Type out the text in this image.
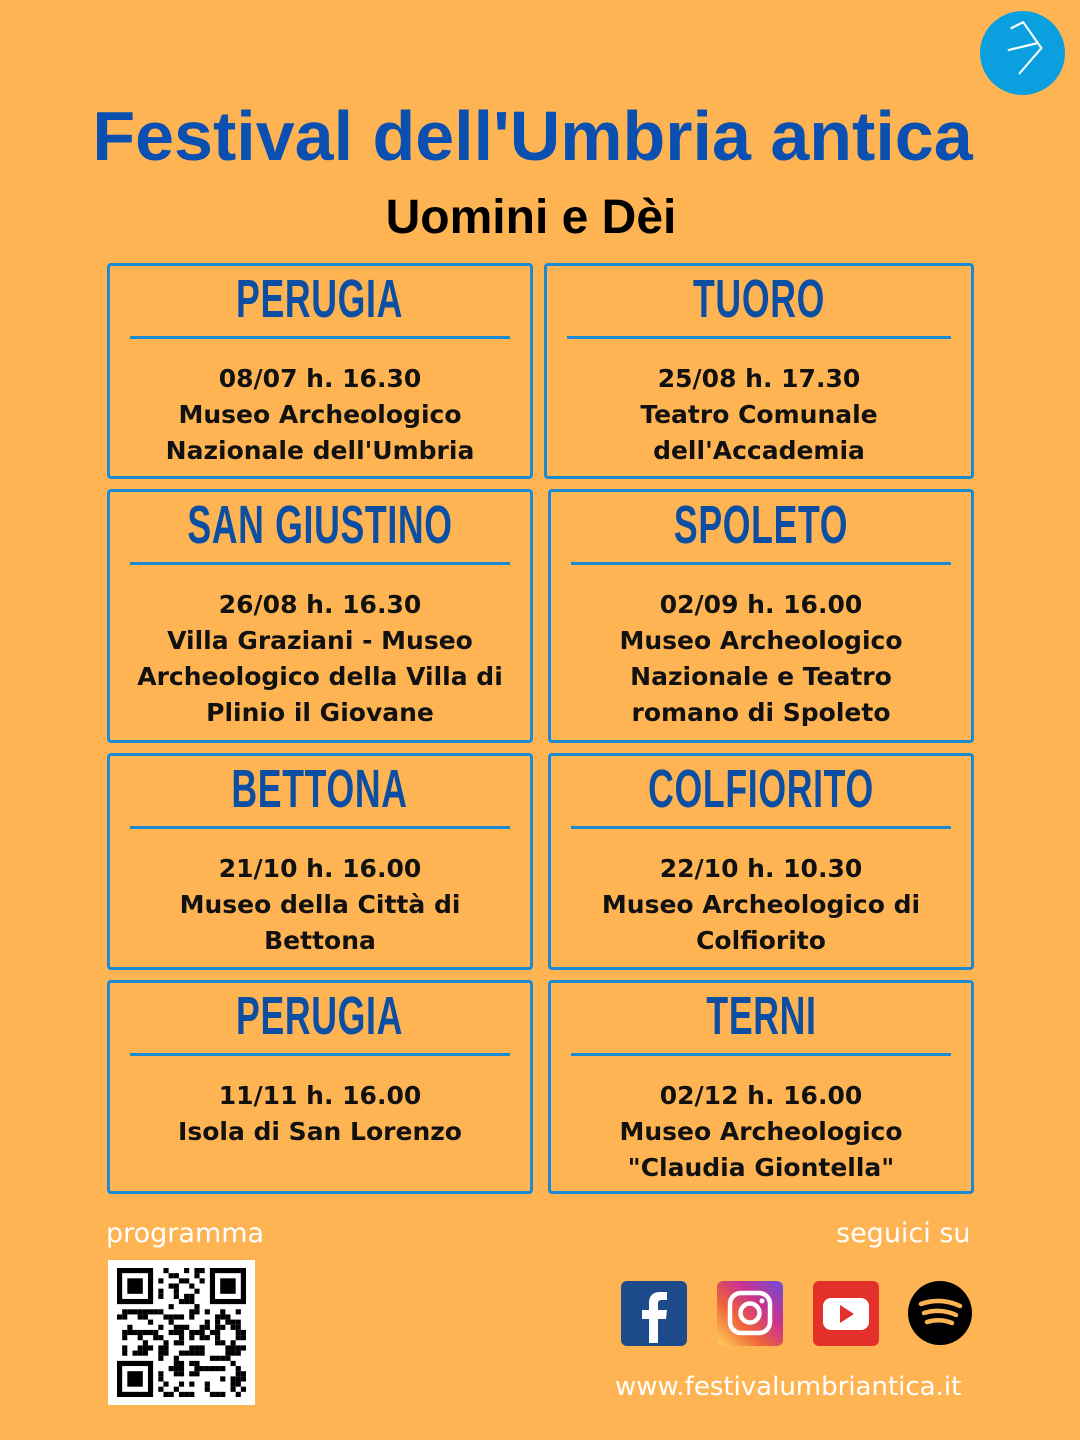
Festival dell'Umbria antica
Uomini e Dèi
PERUGIA
08/07 h. 16.30
Museo Archeologico
Nazionale dell'Umbria
TUORO
25/08 h. 17.30
Teatro Comunale
dell'Accademia
SAN GIUSTINO
26/08 h. 16.30
Villa Graziani - Museo
Archeologico della Villa di
Plinio il Giovane
SPOLETO
02/09 h. 16.00
Museo Archeologico
Nazionale e Teatro
romano di Spoleto
BETTONA
21/10 h. 16.00
Museo della Città di
Bettona
COLFIORITO
22/10 h. 10.30
Museo Archeologico di
Colfiorito
PERUGIA
11/11 h. 16.00
Isola di San Lorenzo
TERNI
02/12 h. 16.00
Museo Archeologico
"Claudia Giontella"
programma	seguici su
www.festivalumbriantica.it
